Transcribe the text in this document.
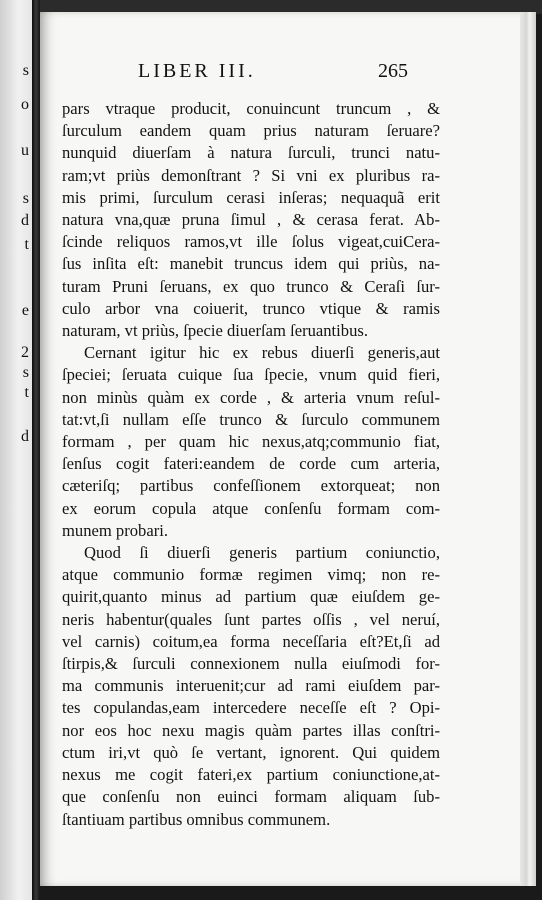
s
o
u
s
d
t
e
2
s
t
d
LIBER III.	265
pars vtraque producit, conuincunt truncum , &
ſurculum eandem quam prius naturam ſeruare?
nunquid diuerſam à natura ſurculi, trunci natu-
ram;vt priùs demonſtrant ? Si vni ex pluribus ra-
mis primi, ſurculum cerasi inſeras; nequaquã erit
natura vna,quæ pruna ſimul , & cerasa ferat. Ab-
ſcinde reliquos ramos,vt ille ſolus vigeat,cuiCera-
ſus inſita eſt: manebit truncus idem qui priùs, na-
turam Pruni ſeruans, ex quo trunco & Ceraſi ſur-
culo arbor vna coiuerit, trunco vtique & ramis
naturam, vt priùs, ſpecie diuerſam ſeruantibus.
Cernant igitur hic ex rebus diuerſi generis,aut
ſpeciei; ſeruata cuique ſua ſpecie, vnum quid fieri,
non minùs quàm ex corde , & arteria vnum reſul-
tat:vt,ſi nullam eſſe trunco & ſurculo communem
formam , per quam hic nexus,atq;communio fiat,
ſenſus cogit fateri:eandem de corde cum arteria,
cæteriſq; partibus confeſſionem extorqueat; non
ex eorum copula atque conſenſu formam com-
munem probari.
Quod ſi diuerſi generis partium coniunctio,
atque communio formæ regimen vimq; non re-
quirit,quanto minus ad partium quæ eiuſdem ge-
neris habentur(quales ſunt partes oſſis , vel neruí,
vel carnis) coitum,ea forma neceſſaria eſt?Et,ſi ad
ſtirpis,& ſurculi connexionem nulla eiuſmodi for-
ma communis interuenit;cur ad rami eiuſdem par-
tes copulandas,eam intercedere neceſſe eſt ? Opi-
nor eos hoc nexu magis quàm partes illas conſtri-
ctum iri,vt quò ſe vertant, ignorent. Qui quidem
nexus me cogit fateri,ex partium coniunctione,at-
que conſenſu non euinci formam aliquam ſub-
ſtantiuam partibus omnibus communem.
